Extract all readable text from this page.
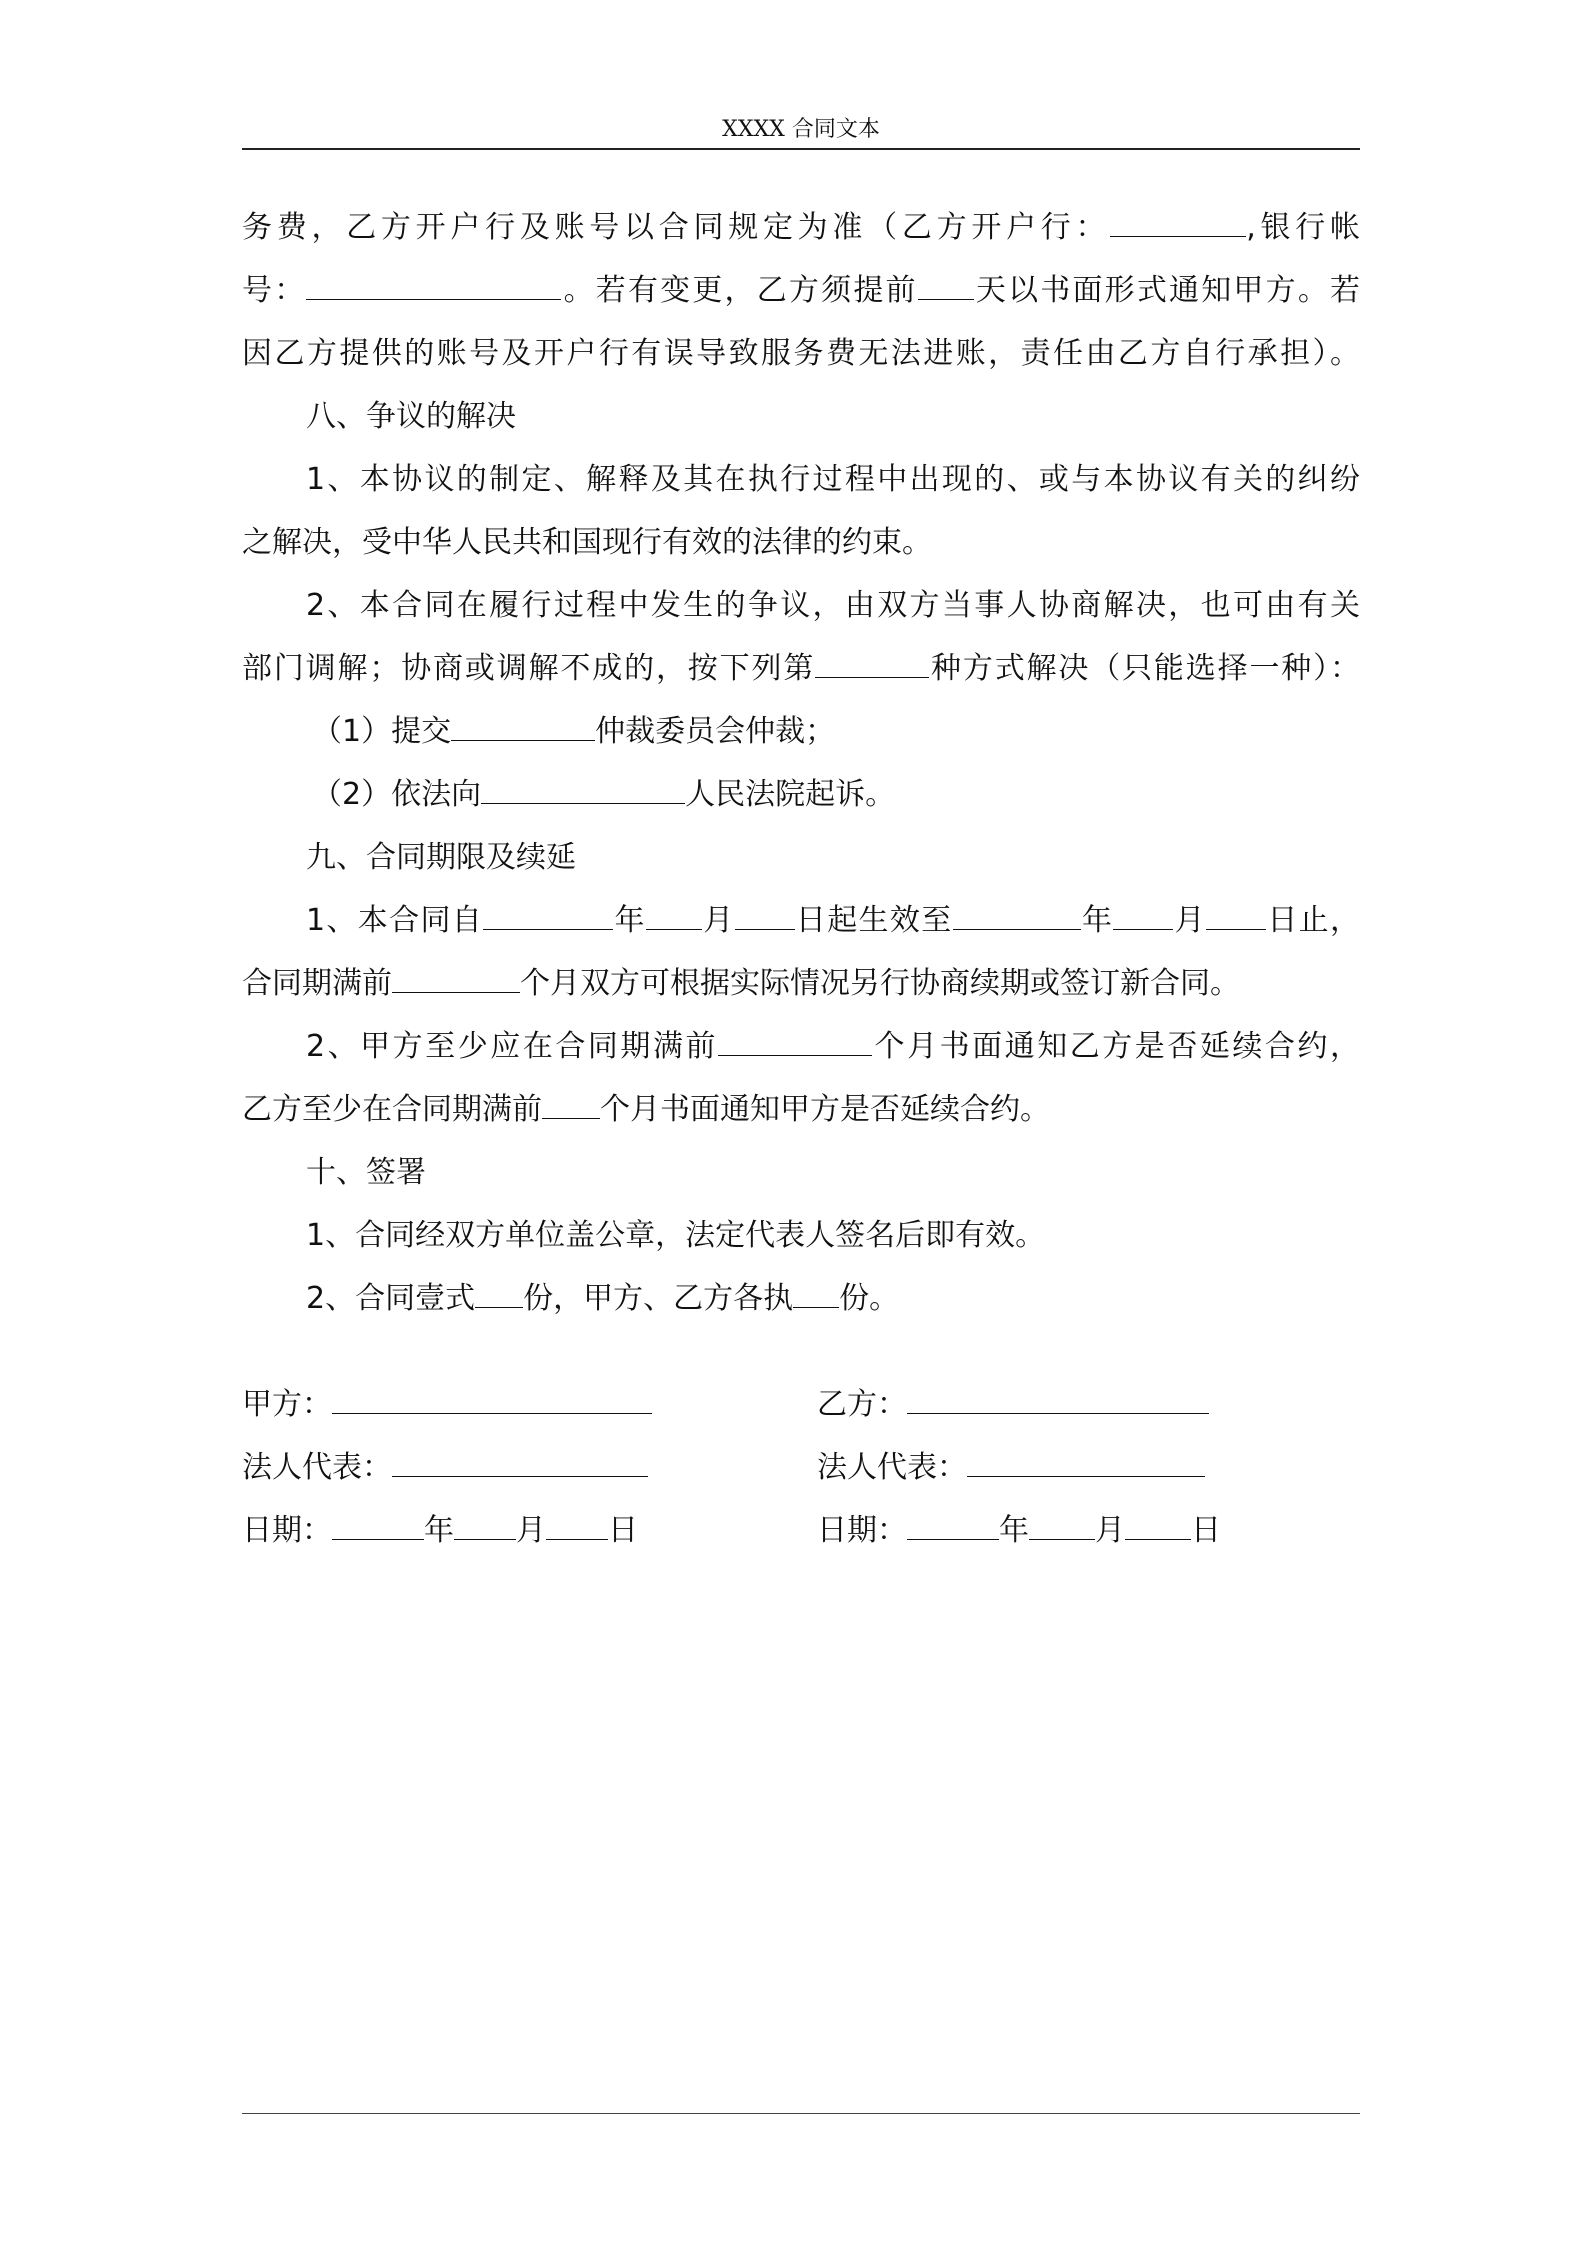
XXXX 合同文本
务费，乙方开户行及账号以合同规定为准（乙方开户行：	,银行帐
号：	。若有变更，乙方须提前 天以书面形式通知甲方。若
因乙方提供的账号及开户行有误导致服务费无法进账，责任由乙方自行承担）。
八、争议的解决
1、本协议的制定、解释及其在执行过程中出现的、或与本协议有关的纠纷
之解决，受中华人民共和国现行有效的法律的约束。
2、本合同在履行过程中发生的争议，由双方当事人协商解决，也可由有关
部门调解；协商或调解不成的，按下列第	种方式解决（只能选择一种）：
（1）提交	仲裁委员会仲裁；
（2）依法向	人民法院起诉。
九、合同期限及续延
1、本合同自	年 月 日起生效至	年 月 日止，
合同期满前	个月双方可根据实际情况另行协商续期或签订新合同。
2、甲方至少应在合同期满前	个月书面通知乙方是否延续合约，
乙方至少在合同期满前 个月书面通知甲方是否延续合约。
十、签署
1、合同经双方单位盖公章，法定代表人签名后即有效。
2、合同壹式 份，甲方、乙方各执 份。
甲方：	乙方：
法人代表：	法人代表：
日期：	年 月 日	日期：	年 月 日
